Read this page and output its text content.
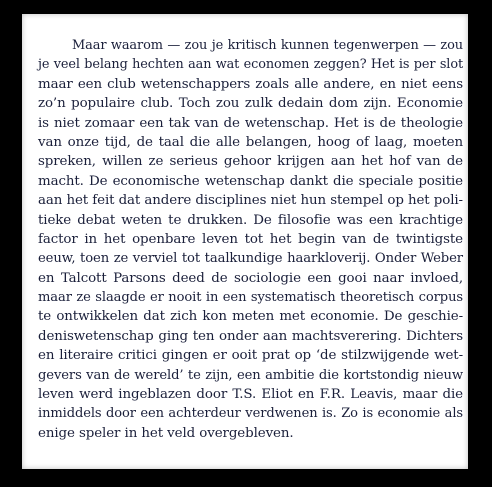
Maar waarom — zou je kritisch kunnen tegenwerpen — zou
je veel belang hechten aan wat economen zeggen? Het is per slot
maar een club wetenschappers zoals alle andere, en niet eens
zo’n populaire club. Toch zou zulk dedain dom zijn. Economie
is niet zomaar een tak van de wetenschap. Het is de theologie
van onze tijd, de taal die alle belangen, hoog of laag, moeten
spreken, willen ze serieus gehoor krijgen aan het hof van de
macht. De economische wetenschap dankt die speciale positie
aan het feit dat andere disciplines niet hun stempel op het poli-
tieke debat weten te drukken. De filosofie was een krachtige
factor in het openbare leven tot het begin van de twintigste
eeuw, toen ze verviel tot taalkundige haarkloverij. Onder Weber
en Talcott Parsons deed de sociologie een gooi naar invloed,
maar ze slaagde er nooit in een systematisch theoretisch corpus
te ontwikkelen dat zich kon meten met economie. De geschie-
deniswetenschap ging ten onder aan machtsverering. Dichters
en literaire critici gingen er ooit prat op ‘de stilzwijgende wet-
gevers van de wereld’ te zijn, een ambitie die kortstondig nieuw
leven werd ingeblazen door T.S. Eliot en F.R. Leavis, maar die
inmiddels door een achterdeur verdwenen is. Zo is economie als
enige speler in het veld overgebleven.
